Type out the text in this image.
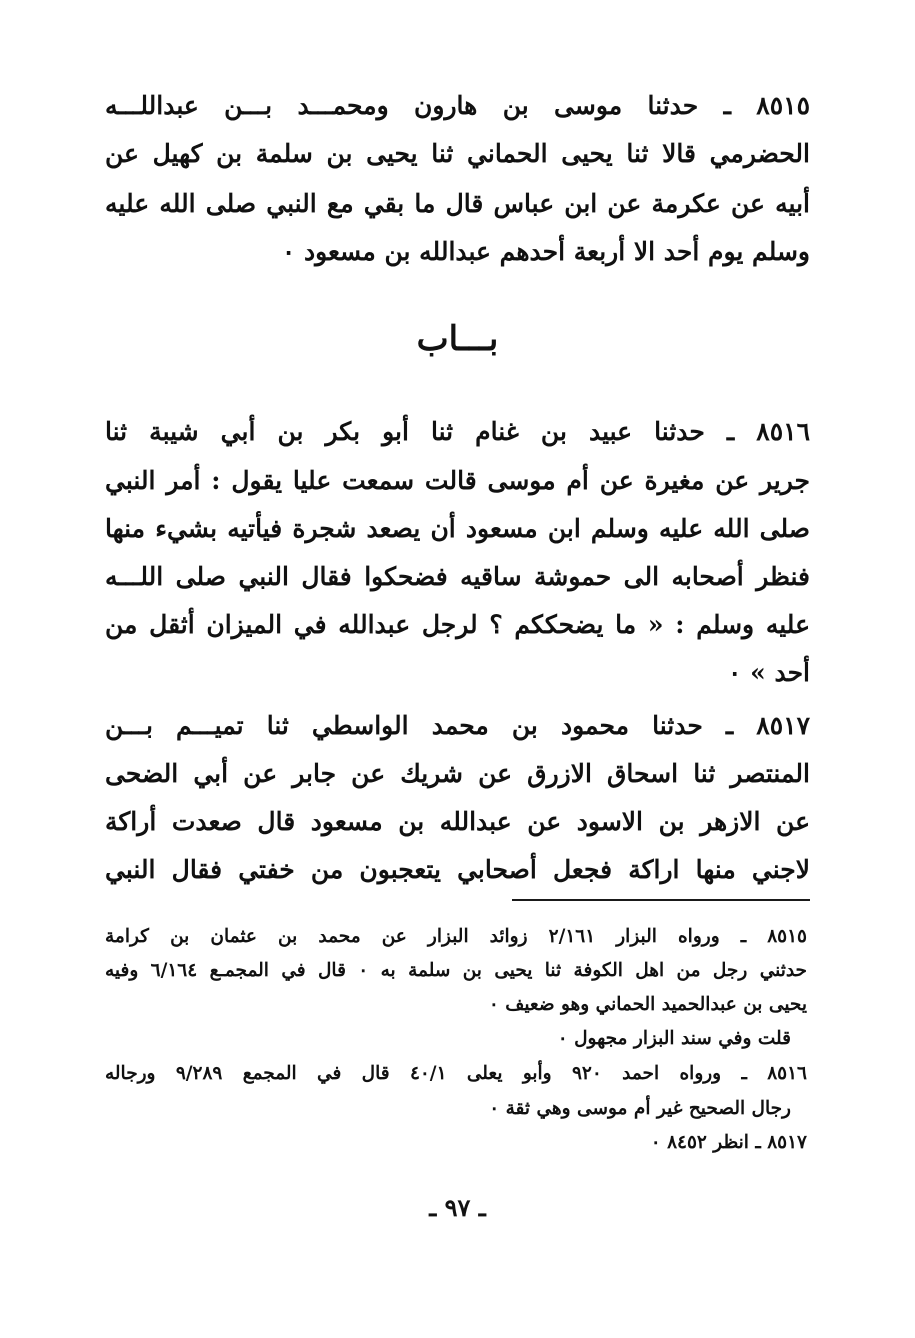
٨٥١٥ ـ حدثنا موسى بن هارون ومحمـــد بـــن عبداللـــه
الحضرمي قالا ثنا يحيى الحماني ثنا يحيى بن سلمة بن كهيل عن
أبيه عن عكرمة عن ابن عباس قال ما بقي مع النبي صلى الله عليه
وسلم يوم أحد الا أربعة أحدهم عبدالله بن مسعود ٠
بـــاب
٨٥١٦ ـ حدثنا عبيد بن غنام ثنا أبو بكر بن أبي شيبة ثنا
جرير عن مغيرة عن أم موسى قالت سمعت عليا يقول : أمر النبي
صلى الله عليه وسلم ابن مسعود أن يصعد شجرة فيأتيه بشيء منها
فنظر أصحابه الى حموشة ساقيه فضحكوا فقال النبي صلى اللـــه
عليه وسلم : « ما يضحككم ؟ لرجل عبدالله في الميزان أثقل من
أحد » ٠
٨٥١٧ ـ حدثنا محمود بن محمد الواسطي ثنا تميـــم بـــن
المنتصر ثنا اسحاق الازرق عن شريك عن جابر عن أبي الضحى
عن الازهر بن الاسود عن عبدالله بن مسعود قال صعدت أراكة
لاجني منها اراكة فجعل أصحابي يتعجبون من خفتي فقال النبي
٨٥١٥ ـ ورواه البزار ٢/١٦١ زوائد البزار عن محمد بن عثمان بن كرامة
حدثني رجل من اهل الكوفة ثنا يحيى بن سلمة به ٠ قال في المجمـع ٦/١٦٤ وفيه
يحيى بن عبدالحميد الحماني وهو ضعيف ٠
قلت وفي سند البزار مجهول ٠
٨٥١٦ ـ ورواه احمد ٩٢٠ وأبو يعلى ٤٠/١ قال في المجمع ٩/٢٨٩ ورجاله
رجال الصحيح غير أم موسى وهي ثقة ٠
٨٥١٧ ـ انظر ٨٤٥٢ ٠
ـ ٩٧ ـ
